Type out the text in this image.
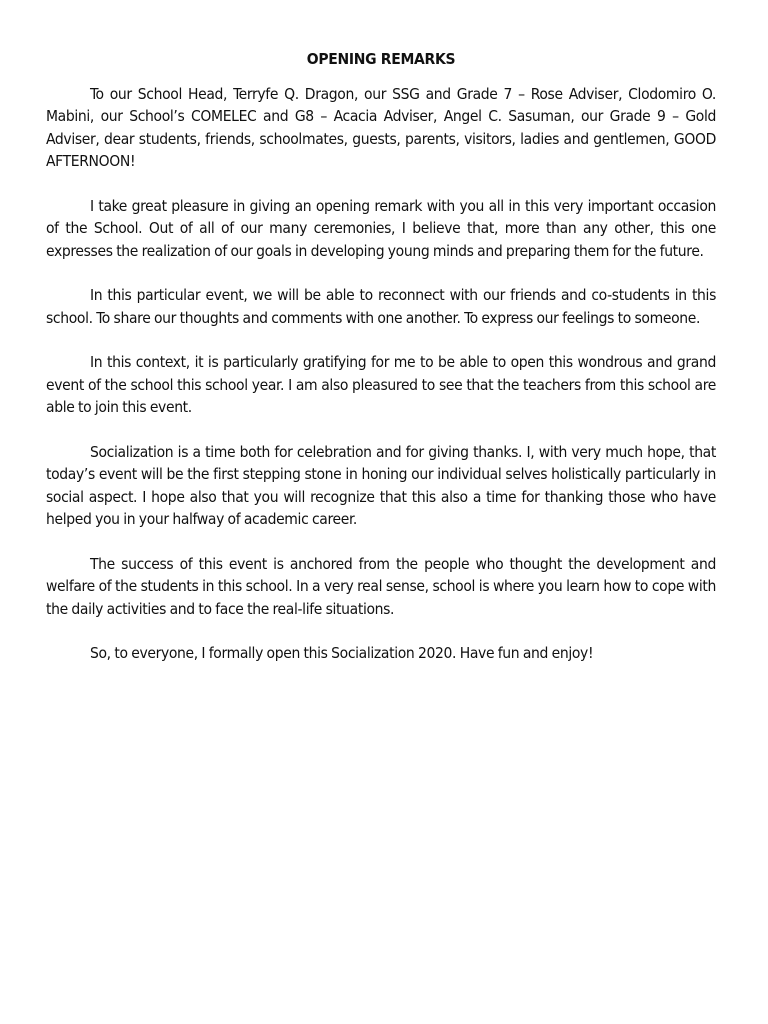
OPENING REMARKS

To our School Head, Terryfe Q. Dragon, our SSG and Grade 7 – Rose Adviser, Clodomiro O. Mabini, our School’s COMELEC and G8 – Acacia Adviser, Angel C. Sasuman, our Grade 9 – Gold Adviser, dear students, friends, schoolmates, guests, parents, visitors, ladies and gentlemen, GOOD AFTERNOON!

I take great pleasure in giving an opening remark with you all in this very important occasion of the School. Out of all of our many ceremonies, I believe that, more than any other, this one expresses the realization of our goals in developing young minds and preparing them for the future.

In this particular event, we will be able to reconnect with our friends and co-students in this school. To share our thoughts and comments with one another. To express our feelings to someone.

In this context, it is particularly gratifying for me to be able to open this wondrous and grand event of the school this school year. I am also pleasured to see that the teachers from this school are able to join this event.

Socialization is a time both for celebration and for giving thanks. I, with very much hope, that today’s event will be the first stepping stone in honing our individual selves holistically particularly in social aspect. I hope also that you will recognize that this also a time for thanking those who have helped you in your halfway of academic career.

The success of this event is anchored from the people who thought the development and welfare of the students in this school. In a very real sense, school is where you learn how to cope with the daily activities and to face the real-life situations.

So, to everyone, I formally open this Socialization 2020. Have fun and enjoy!
